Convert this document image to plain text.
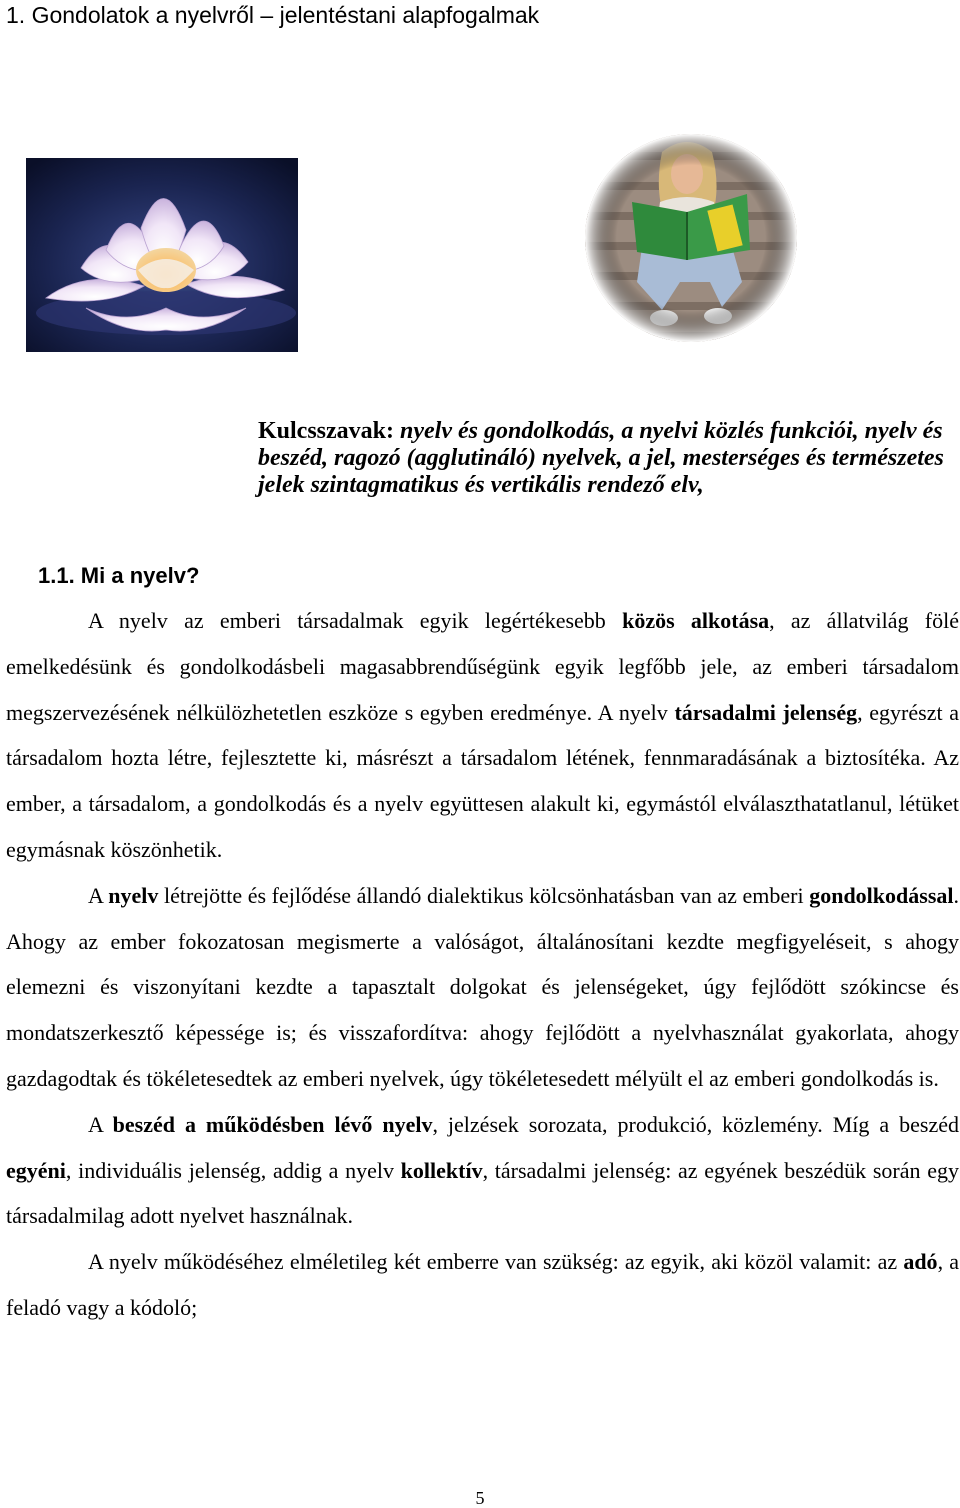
1. Gondolatok a nyelvről – jelentéstani alapfogalmak
Kulcsszavak: nyelv és gondolkodás, a nyelvi közlés funkciói, nyelv és beszéd, ragozó (agglutináló) nyelvek, a jel, mesterséges és természetes jelek szintagmatikus és vertikális rendező elv,
1.1. Mi a nyelv?

A nyelv az emberi társadalmak egyik legértékesebb közös alkotása, az állatvilág fölé emelkedésünk és gondolkodásbeli magasabbrendűségünk egyik legfőbb jele, az emberi társadalom megszervezésének nélkülözhetetlen eszköze s egyben eredménye. A nyelv társadalmi jelenség, egyrészt a társadalom hozta létre, fejlesztette ki, másrészt a társadalom létének, fennmaradásának a biztosítéka. Az ember, a társadalom, a gondolkodás és a nyelv együttesen alakult ki, egymástól elválaszthatatlanul, létüket egymásnak köszönhetik.

A nyelv létrejötte és fejlődése állandó dialektikus kölcsönhatásban van az emberi gondolkodással. Ahogy az ember fokozatosan megismerte a valóságot, általánosítani kezdte megfigyeléseit, s ahogy elemezni és viszonyítani kezdte a tapasztalt dolgokat és jelenségeket, úgy fejlődött szókincse és mondatszerkesztő képessége is; és visszafordítva: ahogy fejlődött a nyelvhasználat gyakorlata, ahogy gazdagodtak és tökéletesedtek az emberi nyelvek, úgy tökéletesedett mélyült el az emberi gondolkodás is.

A beszéd a működésben lévő nyelv, jelzések sorozata, produkció, közlemény. Míg a beszéd egyéni, individuális jelenség, addig a nyelv kollektív, társadalmi jelenség: az egyének beszédük során egy társadalmilag adott nyelvet használnak.

A nyelv működéséhez elméletileg két emberre van szükség: az egyik, aki közöl valamit: az adó, a feladó vagy a kódoló;

5
